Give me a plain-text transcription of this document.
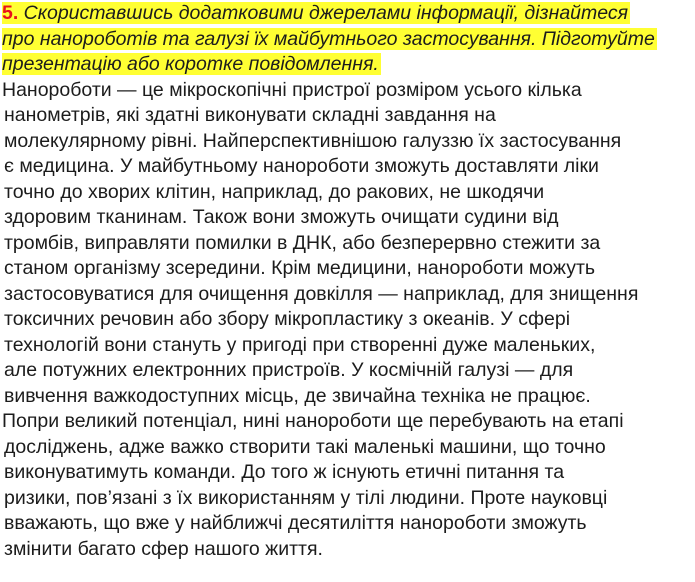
5. Скориставшись додатковими джерелами інформації, дізнайтеся
про нанороботів та галузі їх майбутнього застосування. Підготуйте
презентацію або коротке повідомлення.

Нанороботи — це мікроскопічні пристрої розміром усього кілька
нанометрів, які здатні виконувати складні завдання на
молекулярному рівні. Найперспективнішою галуззю їх застосування
є медицина. У майбутньому нанороботи зможуть доставляти ліки
точно до хворих клітин, наприклад, до ракових, не шкодячи
здоровим тканинам. Також вони зможуть очищати судини від
тромбів, виправляти помилки в ДНК, або безперервно стежити за
станом організму зсередини. Крім медицини, нанороботи можуть
застосовуватися для очищення довкілля — наприклад, для знищення
токсичних речовин або збору мікропластику з океанів. У сфері
технологій вони стануть у пригоді при створенні дуже маленьких,
але потужних електронних пристроїв. У космічній галузі — для
вивчення важкодоступних місць, де звичайна техніка не працює.
Попри великий потенціал, нині нанороботи ще перебувають на етапі
досліджень, адже важко створити такі маленькі машини, що точно
виконуватимуть команди. До того ж існують етичні питання та
ризики, пов’язані з їх використанням у тілі людини. Проте науковці
вважають, що вже у найближчі десятиліття нанороботи зможуть
змінити багато сфер нашого життя.
